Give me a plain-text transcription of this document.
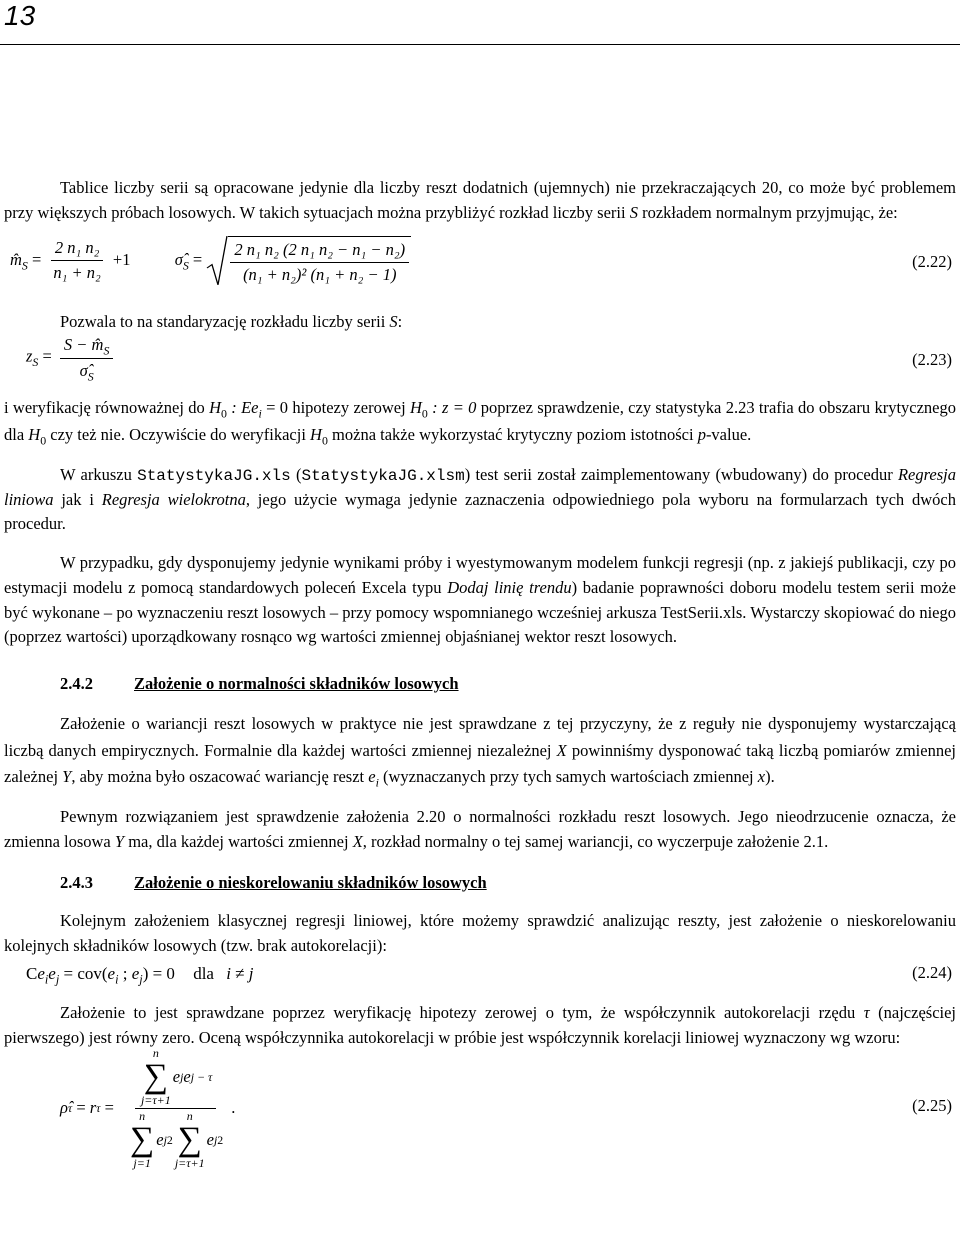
13

Tablice liczby serii są opracowane jedynie dla liczby reszt dodatnich (ujemnych) nie przekraczających 20, co może być problemem przy większych próbach losowych. W takich sytuacjach można przybliżyć rozkład liczby serii S rozkładem normalnym przyjmując, że:

$m̂_S = \frac{\text{2 n₁ n₂}}{\text{n₁ + n₂}} +1$	$\sigmâ_S = \frac{\text{2 n₁ n₂ (2 n₁ n₂ − n₁ − n₂)}}{\text{(n₁ + n₂)² (n₁ + n₂ − 1)}}$	(2.22)

Pozwala to na standaryzację rozkładu liczby serii S:

$z_S = \frac{S - m̂_S}{\sigmâ_S}$	(2.23)

i weryfikację równoważnej do $H_0$ : $Ee_i = 0$ hipotezy zerowej $H_0$ : z = 0 poprzez sprawdzenie, czy statystyka 2.23 trafia do obszaru krytycznego dla $H_0$ czy też nie. Oczywiście do weryfikacji $H_0$ można także wykorzystać krytyczny poziom istotności p-value.

W arkuszu StatystykaJG.xls (StatystykaJG.xlsm) test serii został zaimplementowany (wbudowany) do procedur Regresja liniowa jak i Regresja wielokrotna, jego użycie wymaga jedynie zaznaczenia odpowiedniego pola wyboru na formularzach tych dwóch procedur.

W przypadku, gdy dysponujemy jedynie wynikami próby i wyestymowanym modelem funkcji regresji (np. z jakiejś publikacji, czy po estymacji modelu z pomocą standardowych poleceń Excela typu Dodaj linię trendu) badanie poprawności doboru modelu testem serii może być wykonane – po wyznaczeniu reszt losowych – przy pomocy wspomnianego wcześniej arkusza TestSerii.xls. Wystarczy skopiować do niego (poprzez wartości) uporządkowany rosnąco wg wartości zmiennej objaśnianej wektor reszt losowych.

2.4.2 Założenie o normalności składników losowych

Założenie o wariancji reszt losowych w praktyce nie jest sprawdzane z tej przyczyny, że z reguły nie dysponujemy wystarczającą liczbą danych empirycznych. Formalnie dla każdej wartości zmiennej niezależnej X powinniśmy dysponować taką liczbą pomiarów zmiennej zależnej Y, aby można było oszacować wariancję reszt $e_i$ (wyznaczanych przy tych samych wartościach zmiennej x).

Pewnym rozwiązaniem jest sprawdzenie założenia 2.20 o normalności rozkładu reszt losowych. Jego nieodrzucenie oznacza, że zmienna losowa Y ma, dla każdej wartości zmiennej X, rozkład normalny o tej samej wariancji, co wyczerpuje założenie 2.1.

2.4.3 Założenie o nieskorelowaniu składników losowych

Kolejnym założeniem klasycznej regresji liniowej, które możemy sprawdzić analizując reszty, jest założenie o nieskorelowaniu kolejnych składników losowych (tzw. brak autokorelacji):

$Ce_ie_j = cov(e_i$ ; $e_j) = 0$ dla i ≠ j	(2.24)

Założenie to jest sprawdzane poprzez weryfikację hipotezy zerowej o tym, że współczynnik autokorelacji rzędu τ (najczęściej pierwszego) jest równy zero. Oceną współczynnika autokorelacji w próbie jest współczynnik korelacji liniowej wyznaczony wg wzoru:

ρ̂ τ = r τ = n
∑
j=τ+1
e j e j − τ
n
∑
j=1
e j 2
n
∑
j=τ+1
e j 2 .	(2.25)
